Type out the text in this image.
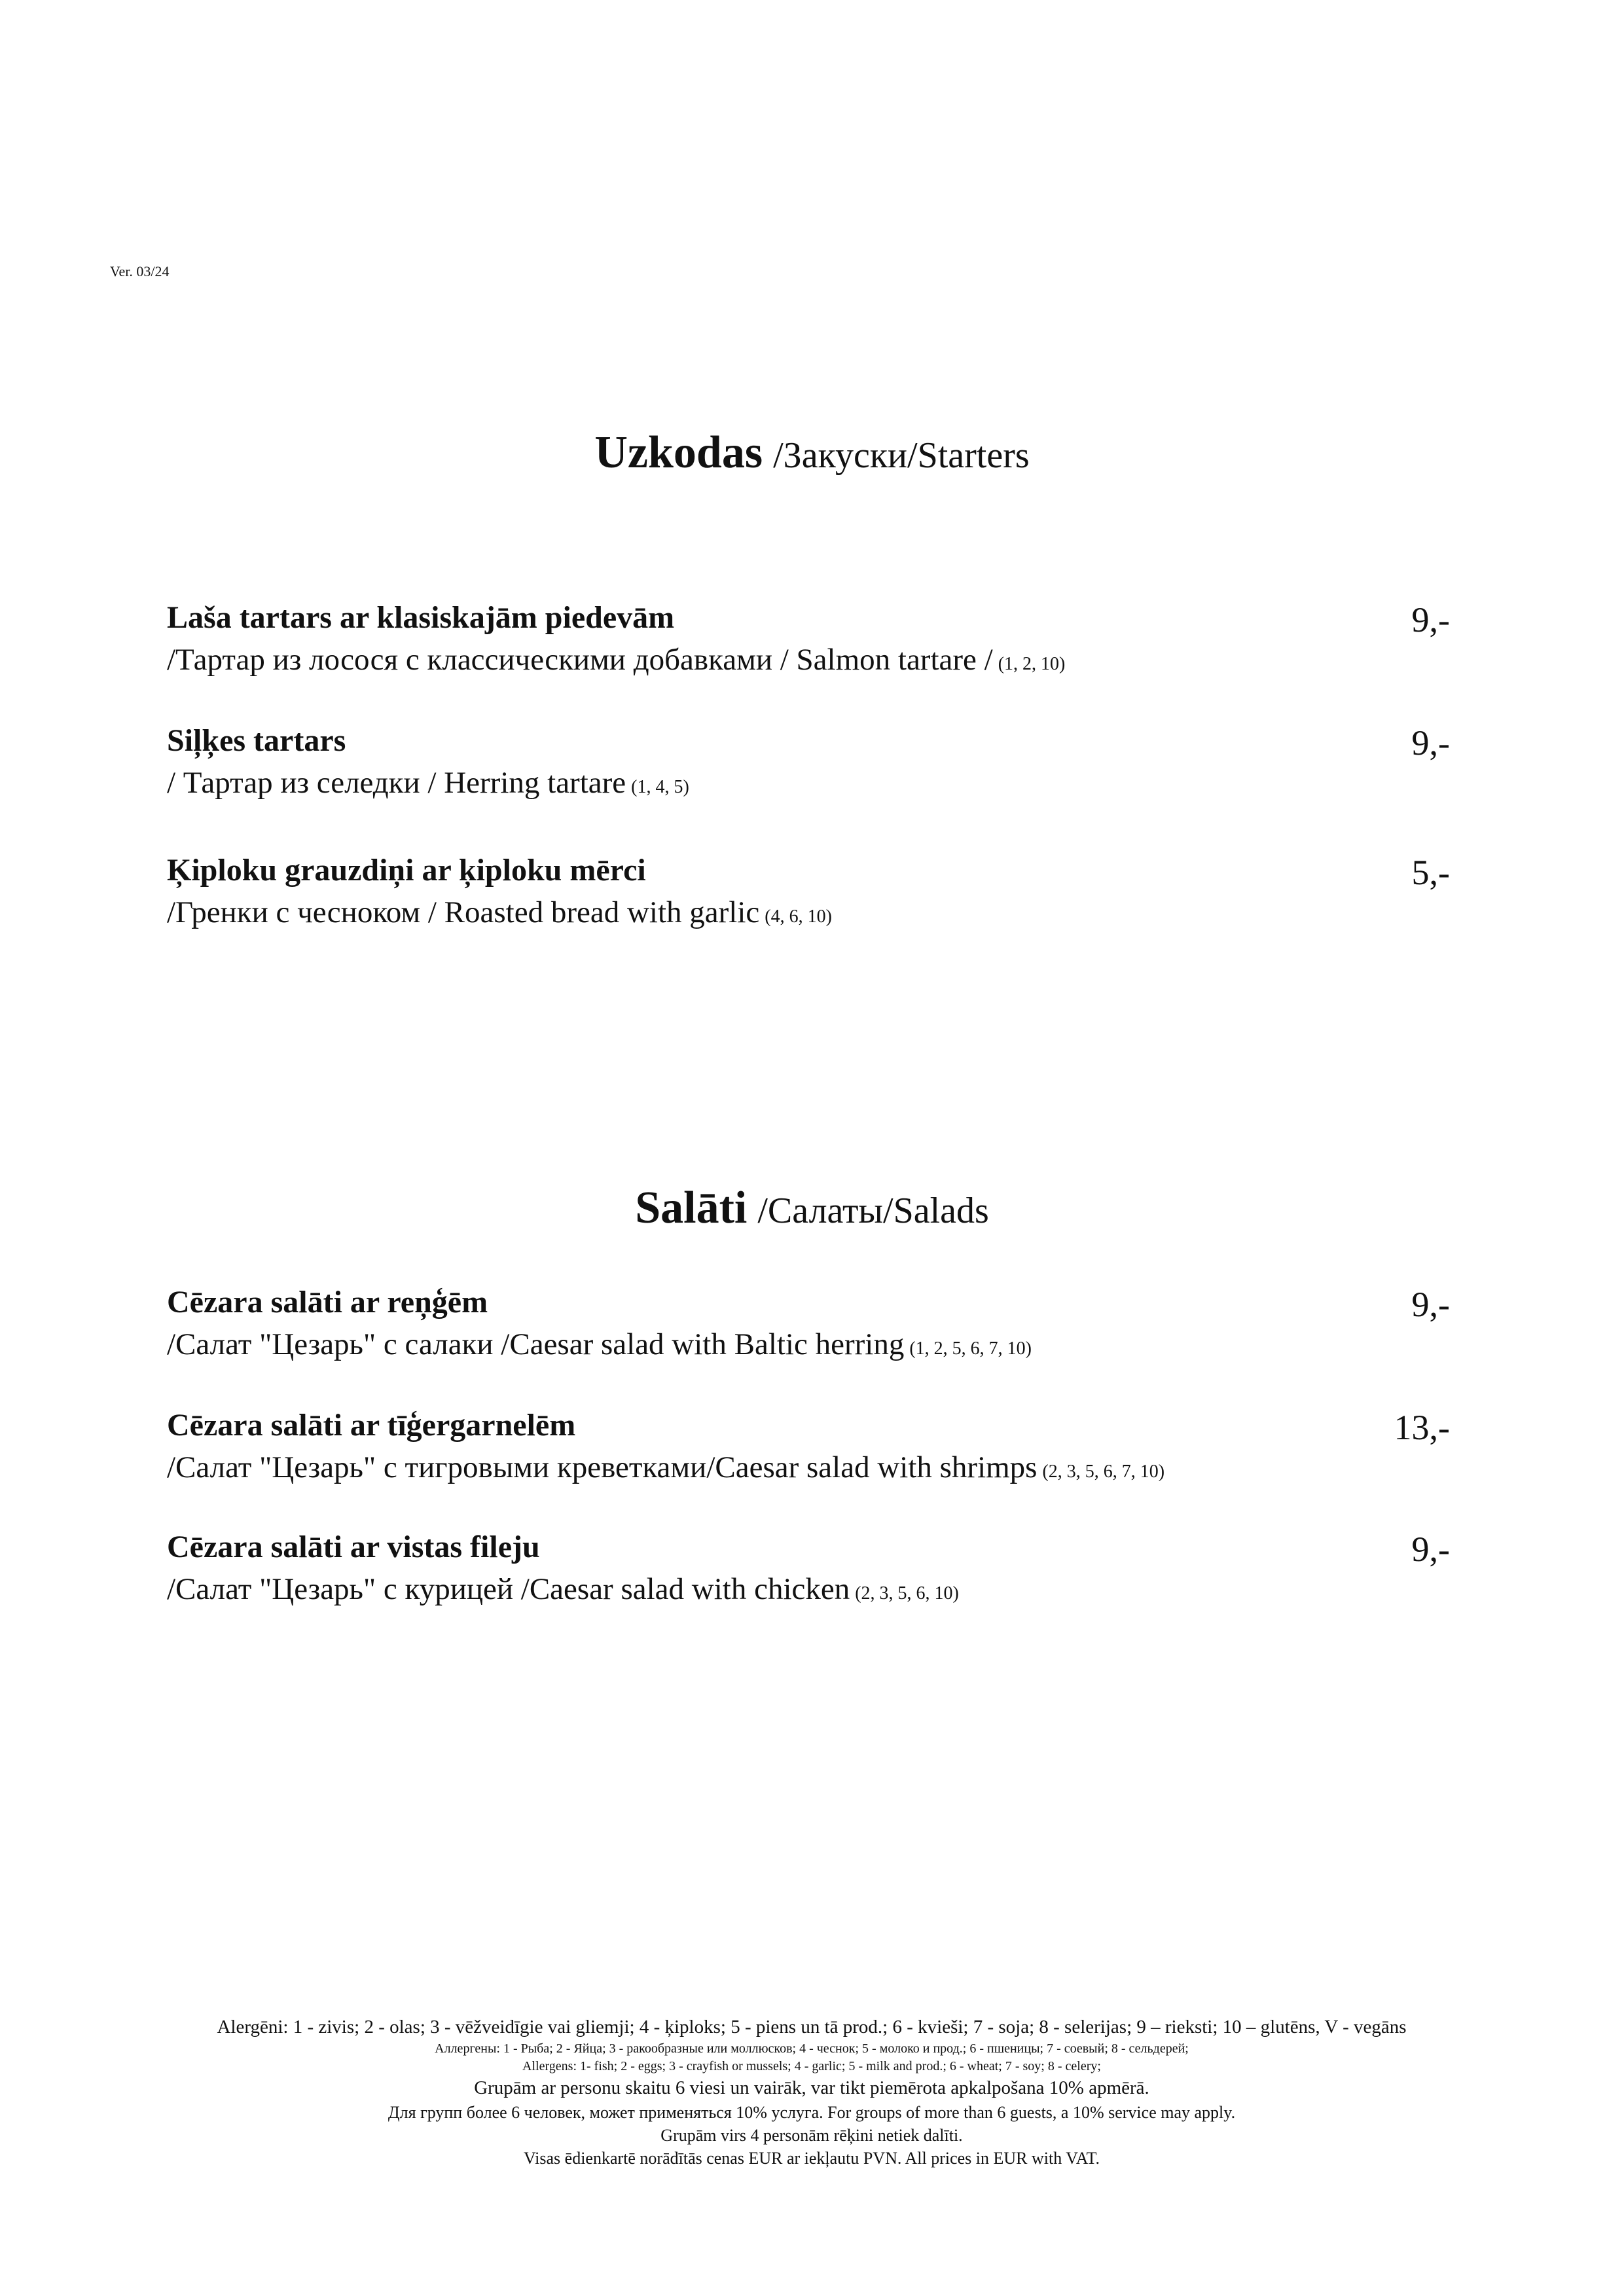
Ver. 03/24
Uzkodas /Закуски/Starters
Laša tartars ar klasiskajām piedevām	9,-
/Тартар из лосося с классическими добавками / Salmon tartare / (1, 2, 10)
Siļķes tartars	9,-
/ Тартар из селедки / Herring tartare (1, 4, 5)
Ķiploku grauzdiņi ar ķiploku mērci	5,-
/Гренки с чесноком / Roasted bread with garlic (4, 6, 10)
Salāti /Салаты/Salads
Cēzara salāti ar reņģēm	9,-
/Салат "Цезарь" с салаки /Caesar salad with Baltic herring (1, 2, 5, 6, 7, 10)
Cēzara salāti ar tīģergarnelēm	13,-
/Салат "Цезарь" с тигровыми креветками/Caesar salad with shrimps (2, 3, 5, 6, 7, 10)
Cēzara salāti ar vistas fileju	9,-
/Салат "Цезарь" с курицей /Caesar salad with chicken (2, 3, 5, 6, 10)
Alergēni: 1 - zivis; 2 - olas; 3 - vēžveidīgie vai gliemji; 4 - ķiploks; 5 - piens un tā prod.; 6 - kvieši; 7 - soja; 8 - selerijas; 9 – rieksti; 10 – glutēns, V - vegāns
Аллергены: 1 - Рыба; 2 - Яйца; 3 - ракообразные или моллюсков; 4 - чеснок; 5 - молоко и прод.; 6 - пшеницы; 7 - соевый; 8 - сельдерей;
Allergens: 1- fish; 2 - eggs; 3 - crayfish or mussels; 4 - garlic; 5 - milk and prod.; 6 - wheat; 7 - soy; 8 - celery;
Grupām ar personu skaitu 6 viesi un vairāk, var tikt piemērota apkalpošana 10% apmērā.
Для групп более 6 человек, может применяться 10% услуга. For groups of more than 6 guests, a 10% service may apply.
Grupām virs 4 personām rēķini netiek dalīti.
Visas ēdienkartē norādītās cenas EUR ar iekļautu PVN. All prices in EUR with VAT.
